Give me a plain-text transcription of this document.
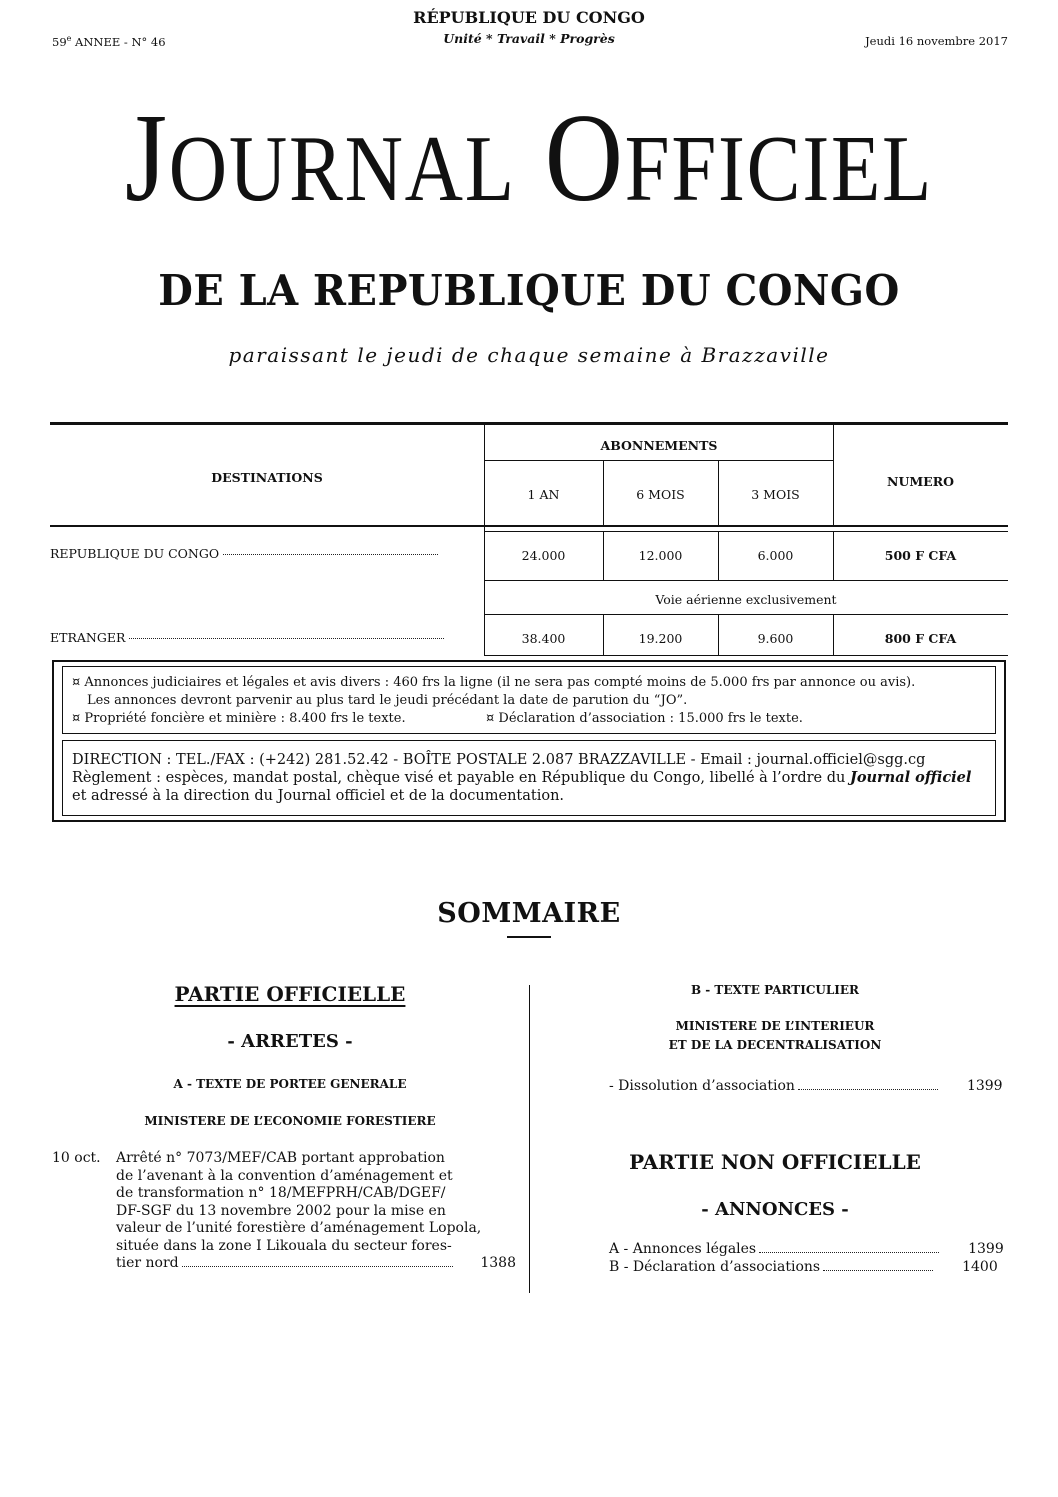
59e ANNEE - N° 46
RÉPUBLIQUE DU CONGO
Unité * Travail * Progrès	Jeudi 16 novembre 2017
JOURNAL OFFICIEL
DE LA REPUBLIQUE DU CONGO
paraissant le jeudi de chaque semaine à Brazzaville
DESTINATIONS
ABONNEMENTS
1 AN	6 MOIS	3 MOIS
NUMERO
REPUBLIQUE DU CONGO	24.000	12.000	6.000	500 F CFA
Voie aérienne exclusivement
ETRANGER	38.400	19.200	9.600	800 F CFA
¤ Annonces judiciaires et légales et avis divers : 460 frs la ligne (il ne sera pas compté moins de 5.000 frs par annonce ou avis).
Les annonces devront parvenir au plus tard le jeudi précédant la date de parution du “JO”.
¤ Propriété foncière et minière : 8.400 frs le texte.	¤ Déclaration d’association : 15.000 frs le texte.
DIRECTION : TEL./FAX : (+242) 281.52.42 - BOÎTE POSTALE 2.087 BRAZZAVILLE - Email : journal.officiel@sgg.cg
Règlement : espèces, mandat postal, chèque visé et payable en République du Congo, libellé à l’ordre du Journal officiel
et adressé à la direction du Journal officiel et de la documentation.
SOMMAIRE
PARTIE OFFICIELLE
- ARRETES -
A - TEXTE DE PORTEE GENERALE
MINISTERE DE L’ECONOMIE FORESTIERE
10 oct. Arrêté n° 7073/MEF/CAB portant approbation
de l’avenant à la convention d’aménagement et
de transformation n° 18/MEFPRH/CAB/DGEF/
DF-SGF du 13 novembre 2002 pour la mise en
valeur de l’unité forestière d’aménagement Lopola,
située dans la zone I Likouala du secteur fores-
tier nord	1388
B - TEXTE PARTICULIER
MINISTERE DE L’INTERIEUR
ET DE LA DECENTRALISATION
- Dissolution d’association	1399
PARTIE NON OFFICIELLE
- ANNONCES -
A - Annonces légales	1399
B - Déclaration d’associations	1400
